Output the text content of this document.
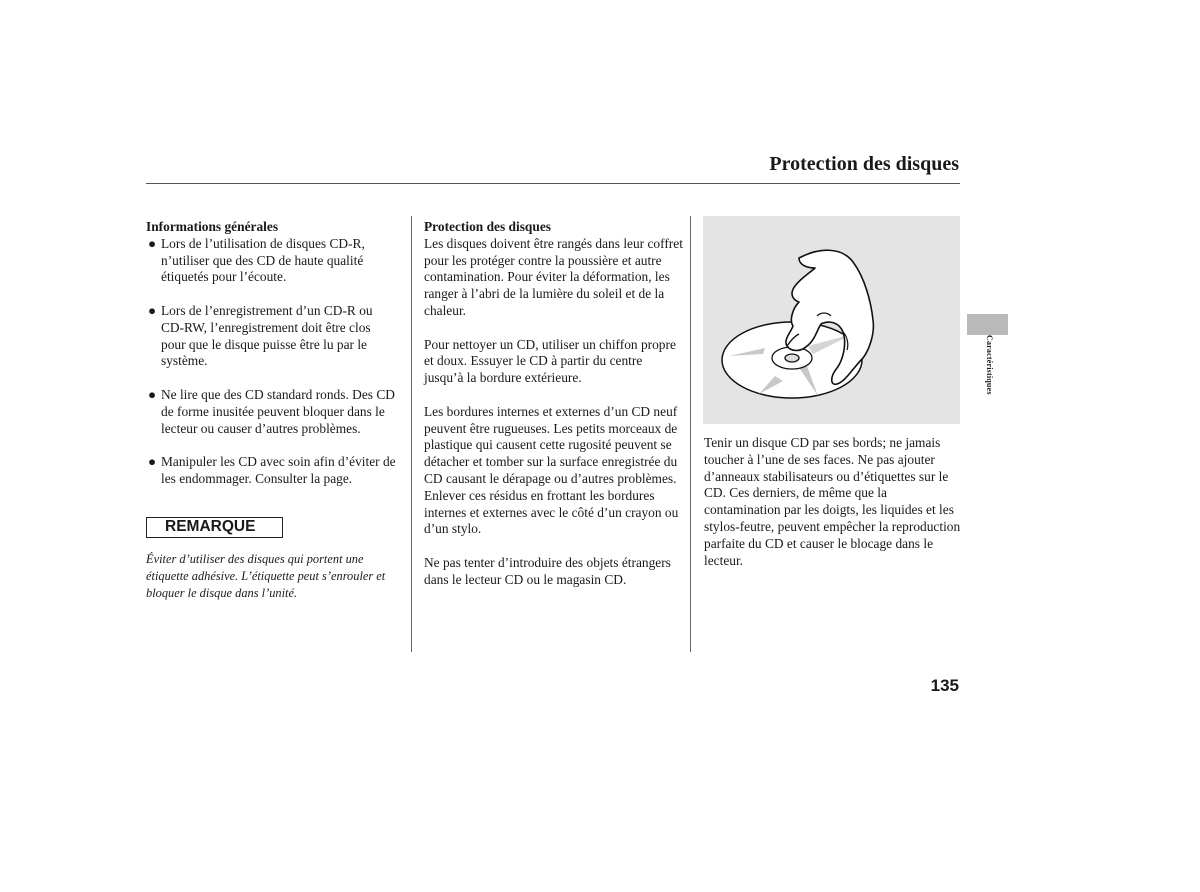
Protection des disques
Informations générales
● Lors de l’utilisation de disques CD-R, n’utiliser que des CD de haute qualité étiquetés pour l’écoute.
● Lors de l’enregistrement d’un CD-R ou CD-RW, l’enregistrement doit être clos pour que le disque puisse être lu par le système.
● Ne lire que des CD standard ronds. Des CD de forme inusitée peuvent bloquer dans le lecteur ou causer d’autres problèmes.
● Manipuler les CD avec soin afin d’éviter de les endommager. Consulter la page.
REMARQUE
Éviter d’utiliser des disques qui portent une étiquette adhésive. L’étiquette peut s’enrouler et bloquer le disque dans l’unité.
Protection des disques

Les disques doivent être rangés dans leur coffret pour les protéger contre la poussière et autre contamination. Pour éviter la déformation, les ranger à l’abri de la lumière du soleil et de la chaleur.

Pour nettoyer un CD, utiliser un chiffon propre et doux. Essuyer le CD à partir du centre jusqu’à la bordure extérieure.

Les bordures internes et externes d’un CD neuf peuvent être rugueuses. Les petits morceaux de plastique qui causent cette rugosité peuvent se détacher et tomber sur la surface enregistrée du CD causant le dérapage ou d’autres problèmes. Enlever ces résidus en frottant les bordures internes et externes avec le côté d’un crayon ou d’un stylo.

Ne pas tenter d’introduire des objets étrangers dans le lecteur CD ou le magasin CD.

Tenir un disque CD par ses bords; ne jamais toucher à l’une de ses faces. Ne pas ajouter d’anneaux stabilisateurs ou d’étiquettes sur le CD. Ces derniers, de même que la contamination par les doigts, les liquides et les stylos-feutre, peuvent empêcher la reproduction parfaite du CD et causer le blocage dans le lecteur.

Caractéristiques
135
